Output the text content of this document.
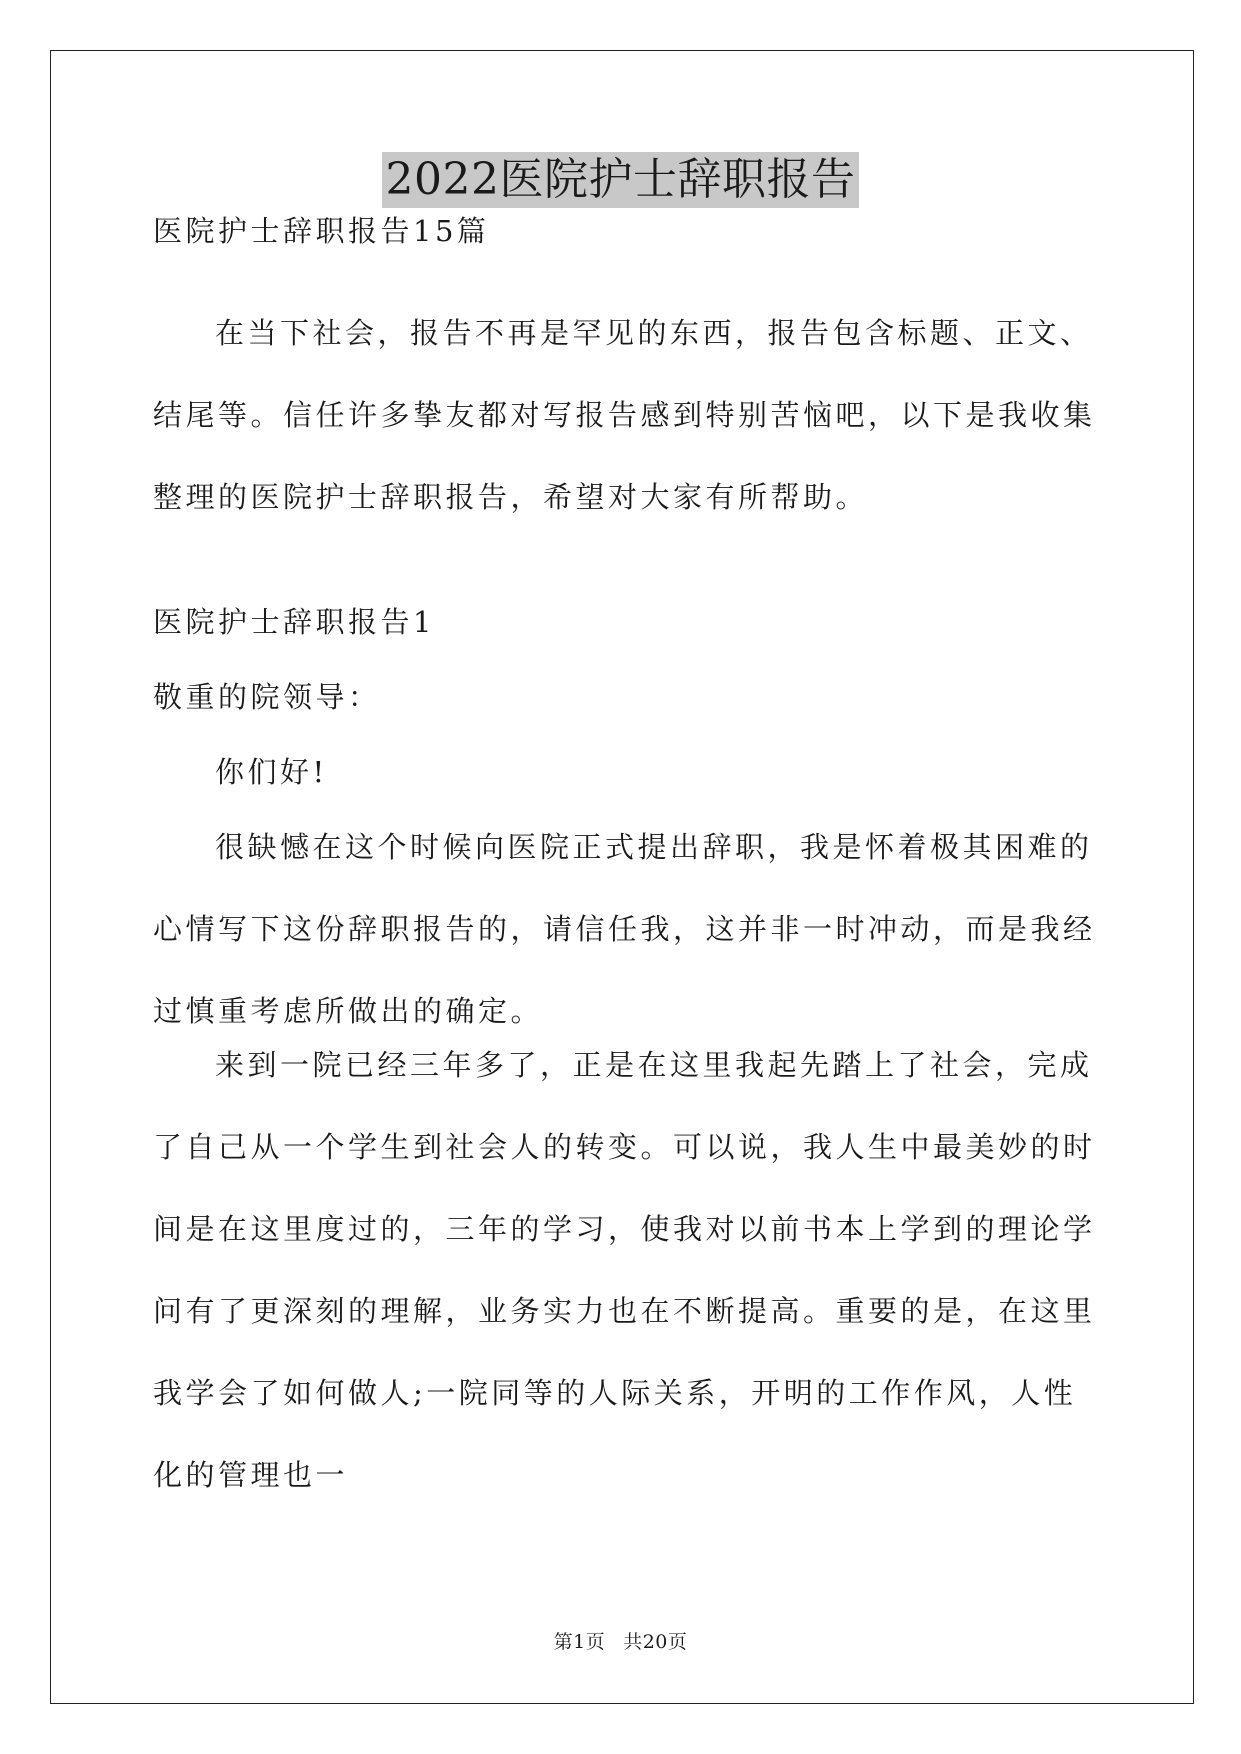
2022医院护士辞职报告

医院护士辞职报告15篇

在当下社会，报告不再是罕见的东西，报告包含标题、正文、结尾等。信任许多挚友都对写报告感到特别苦恼吧，以下是我收集整理的医院护士辞职报告，希望对大家有所帮助。

医院护士辞职报告1

敬重的院领导：

你们好!

很缺憾在这个时候向医院正式提出辞职，我是怀着极其困难的心情写下这份辞职报告的，请信任我，这并非一时冲动，而是我经过慎重考虑所做出的确定。

来到一院已经三年多了，正是在这里我起先踏上了社会，完成了自己从一个学生到社会人的转变。可以说，我人生中最美妙的时间是在这里度过的，三年的学习，使我对以前书本上学到的理论学问有了更深刻的理解，业务实力也在不断提高。重要的是，在这里我学会了如何做人;一院同等的人际关系，开明的工作作风，人性化的管理也一

第1页 共20页
